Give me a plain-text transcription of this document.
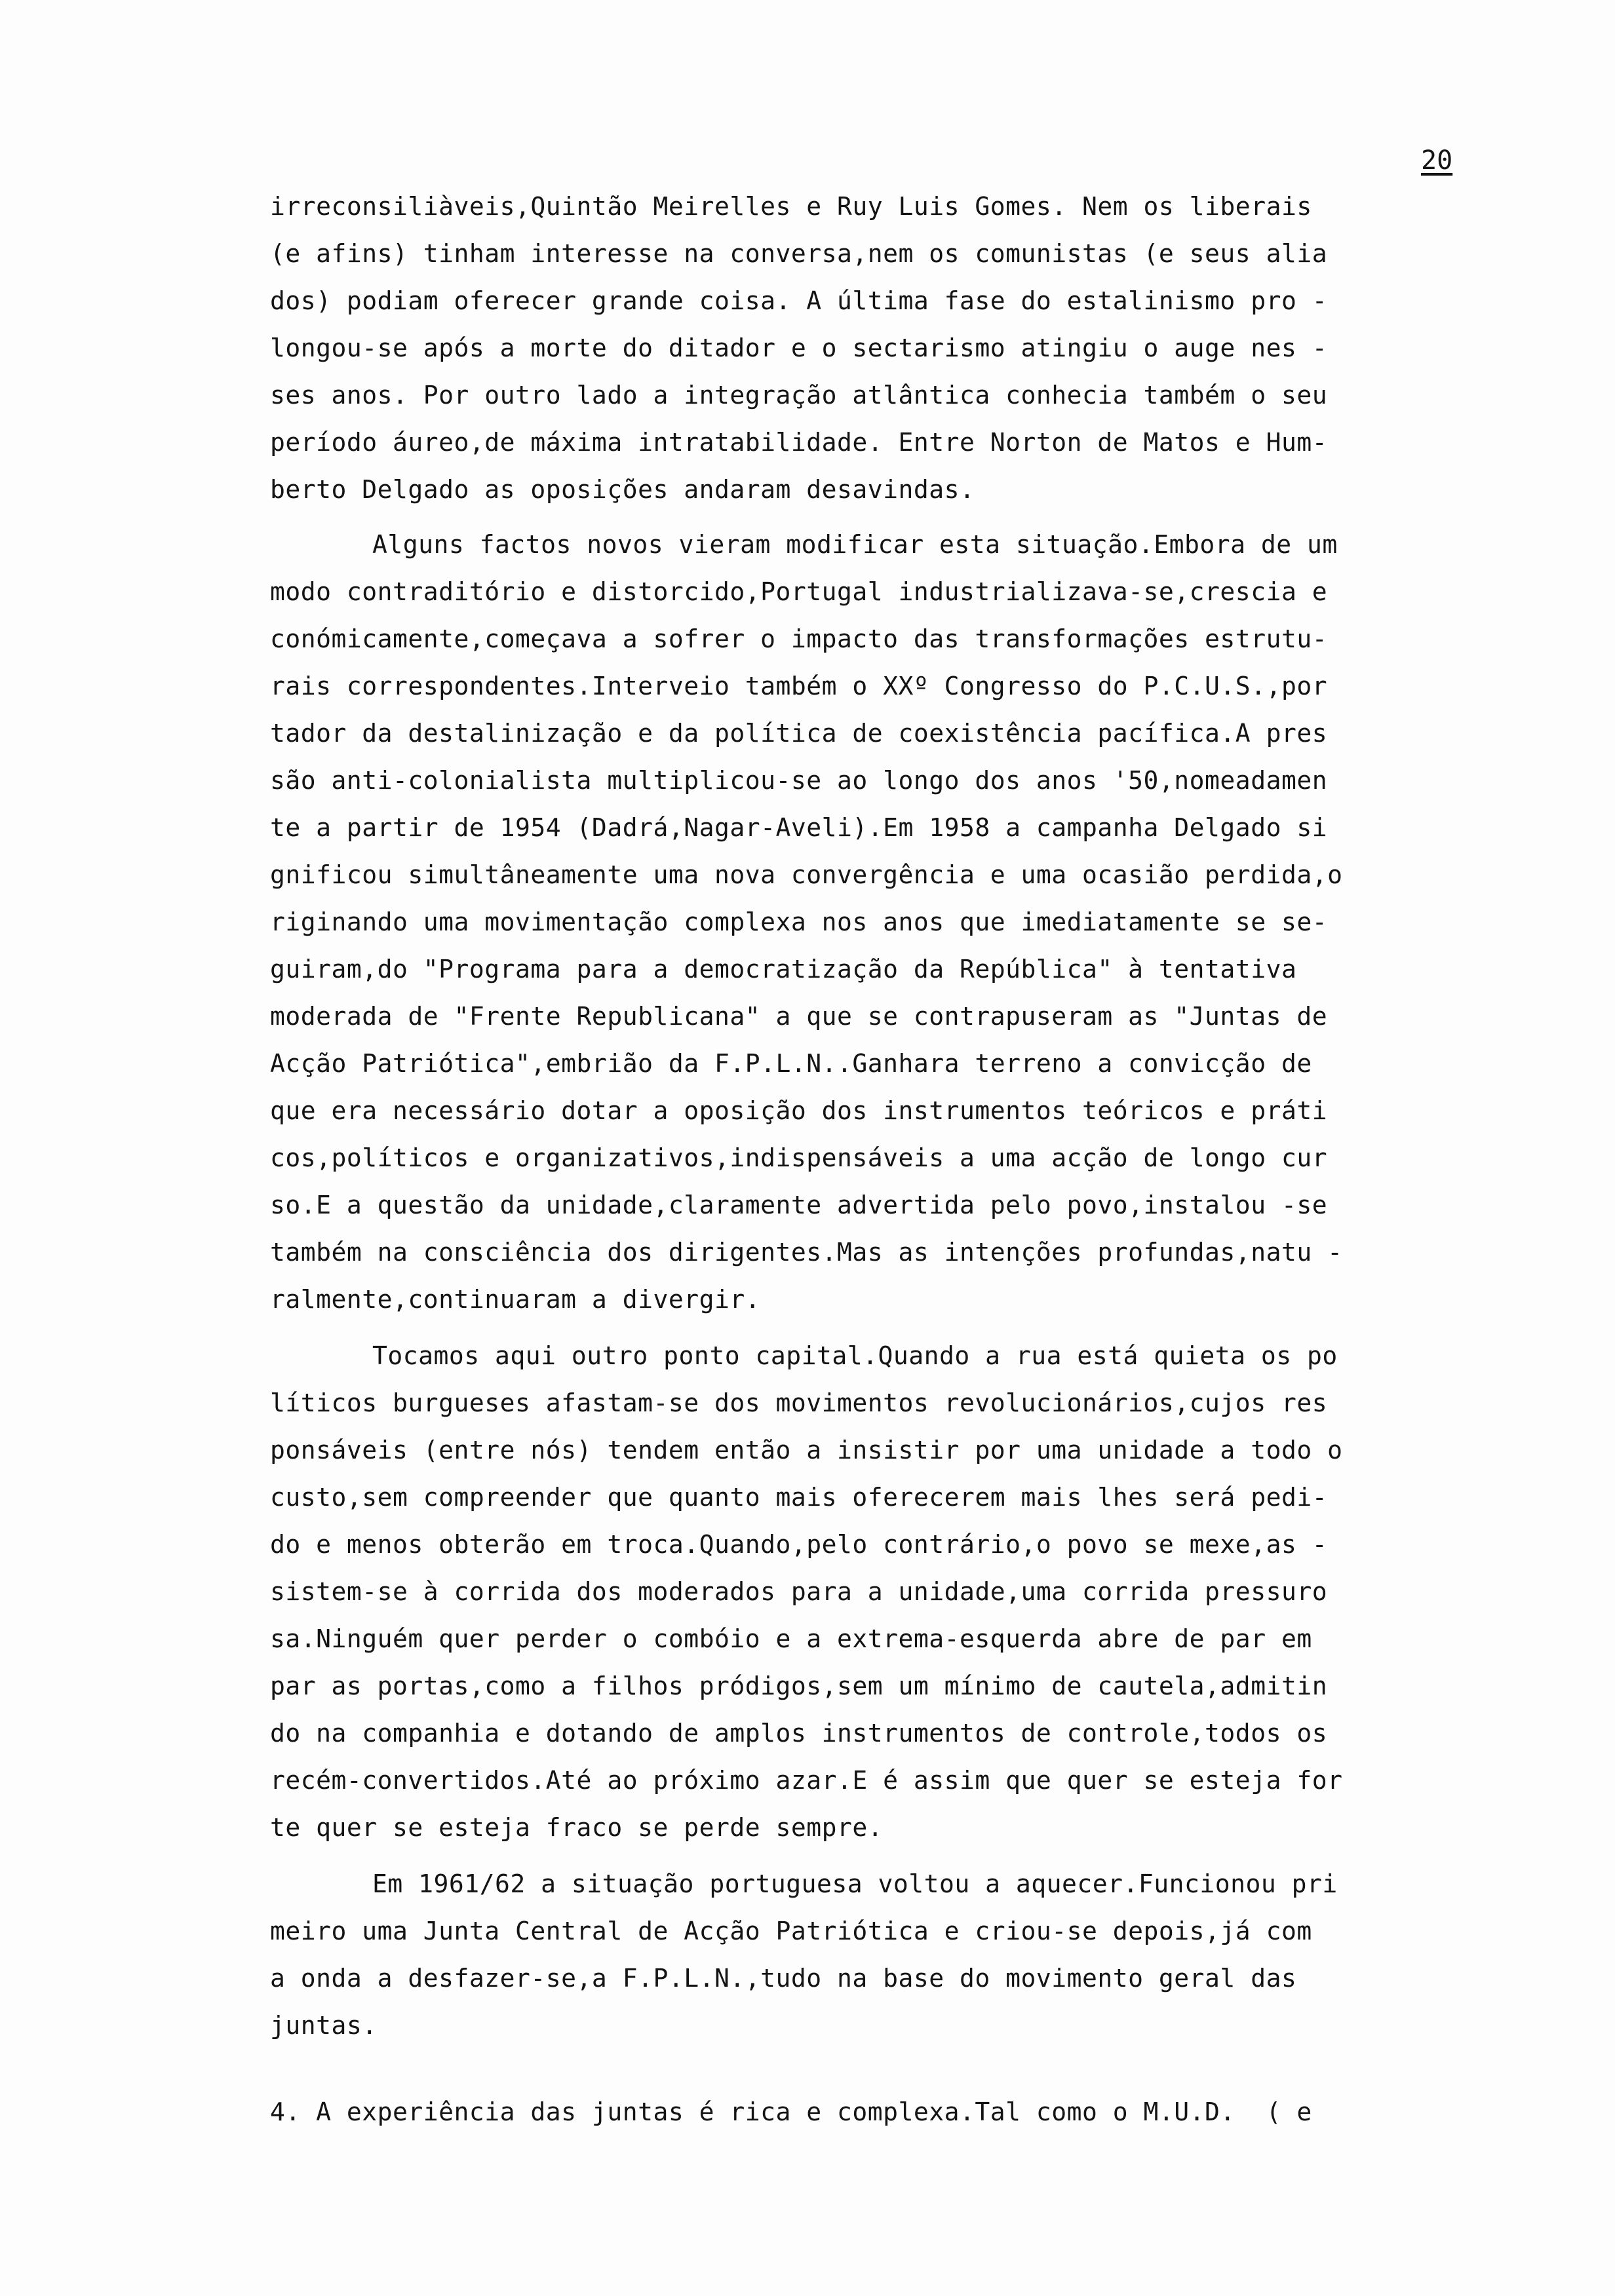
20
irreconsiliàveis,Quintão Meirelles e Ruy Luis Gomes. Nem os liberais
(e afins) tinham interesse na conversa,nem os comunistas (e seus alia
dos) podiam oferecer grande coisa. A última fase do estalinismo pro -
longou-se após a morte do ditador e o sectarismo atingiu o auge nes -
ses anos. Por outro lado a integração atlântica conhecia também o seu
período áureo,de máxima intratabilidade. Entre Norton de Matos e Hum-
berto Delgado as oposições andaram desavindas.
Alguns factos novos vieram modificar esta situação.Embora de um
modo contraditório e distorcido,Portugal industrializava-se,crescia e
conómicamente,começava a sofrer o impacto das transformações estrutu-
rais correspondentes.Interveio também o XXº Congresso do P.C.U.S.,por
tador da destalinização e da política de coexistência pacífica.A pres
são anti-colonialista multiplicou-se ao longo dos anos '50,nomeadamen
te a partir de 1954 (Dadrá,Nagar-Aveli).Em 1958 a campanha Delgado si
gnificou simultâneamente uma nova convergência e uma ocasião perdida,o
riginando uma movimentação complexa nos anos que imediatamente se se-
guiram,do "Programa para a democratização da República" à tentativa
moderada de "Frente Republicana" a que se contrapuseram as "Juntas de
Acção Patriótica",embrião da F.P.L.N..Ganhara terreno a convicção de
que era necessário dotar a oposição dos instrumentos teóricos e práti
cos,políticos e organizativos,indispensáveis a uma acção de longo cur
so.E a questão da unidade,claramente advertida pelo povo,instalou -se
também na consciência dos dirigentes.Mas as intenções profundas,natu -
ralmente,continuaram a divergir.
Tocamos aqui outro ponto capital.Quando a rua está quieta os po
líticos burgueses afastam-se dos movimentos revolucionários,cujos res
ponsáveis (entre nós) tendem então a insistir por uma unidade a todo o
custo,sem compreender que quanto mais oferecerem mais lhes será pedi-
do e menos obterão em troca.Quando,pelo contrário,o povo se mexe,as -
sistem-se à corrida dos moderados para a unidade,uma corrida pressuro
sa.Ninguém quer perder o combóio e a extrema-esquerda abre de par em
par as portas,como a filhos pródigos,sem um mínimo de cautela,admitin
do na companhia e dotando de amplos instrumentos de controle,todos os
recém-convertidos.Até ao próximo azar.E é assim que quer se esteja for
te quer se esteja fraco se perde sempre.
Em 1961/62 a situação portuguesa voltou a aquecer.Funcionou pri
meiro uma Junta Central de Acção Patriótica e criou-se depois,já com
a onda a desfazer-se,a F.P.L.N.,tudo na base do movimento geral das
juntas.
4. A experiência das juntas é rica e complexa.Tal como o M.U.D.  ( e
